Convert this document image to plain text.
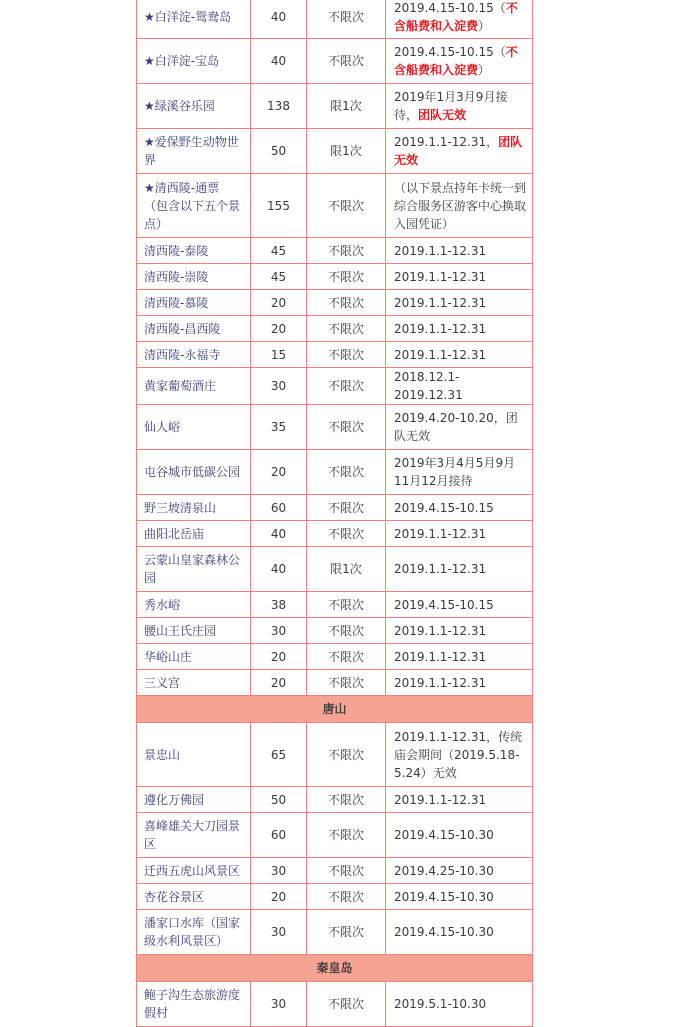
★白洋淀-鸳鸯岛	40	不限次	2019.4.15-10.15（不含船费和入淀费）
★白洋淀-宝岛	40	不限次	2019.4.15-10.15（不含船费和入淀费）
★绿溪谷乐园	138	限1次	2019年1月3月9月接待，团队无效
★爱保野生动物世界	50	限1次	2019.1.1-12.31，团队无效
★清西陵-通票（包含以下五个景点）	155	不限次	（以下景点持年卡统一到综合服务区游客中心换取入园凭证）
清西陵-泰陵	45	不限次	2019.1.1-12.31
清西陵-崇陵	45	不限次	2019.1.1-12.31
清西陵-慕陵	20	不限次	2019.1.1-12.31
清西陵-昌西陵	20	不限次	2019.1.1-12.31
清西陵-永福寺	15	不限次	2019.1.1-12.31
黄家葡萄酒庄	30	不限次	2018.12.1-2019.12.31
仙人峪	35	不限次	2019.4.20-10.20，团队无效
屯谷城市低碳公园	20	不限次	2019年3月4月5月9月11月12月接待
野三坡清泉山	60	不限次	2019.4.15-10.15
曲阳北岳庙	40	不限次	2019.1.1-12.31
云蒙山皇家森林公园	40	限1次	2019.1.1-12.31
秀水峪	38	不限次	2019.4.15-10.15
腰山王氏庄园	30	不限次	2019.1.1-12.31
华峪山庄	20	不限次	2019.1.1-12.31
三义宫	20	不限次	2019.1.1-12.31
唐山			
景忠山	65	不限次	2019.1.1-12.31，传统庙会期间（2019.5.18-5.24）无效
遵化万佛园	50	不限次	2019.1.1-12.31
喜峰雄关大刀园景区	60	不限次	2019.4.15-10.30
迁西五虎山风景区	30	不限次	2019.4.25-10.30
杏花谷景区	20	不限次	2019.4.15-10.30
潘家口水库（国家级水利风景区）	30	不限次	2019.4.15-10.30
秦皇岛			
鲍子沟生态旅游度假村	30	不限次	2019.5.1-10.30
